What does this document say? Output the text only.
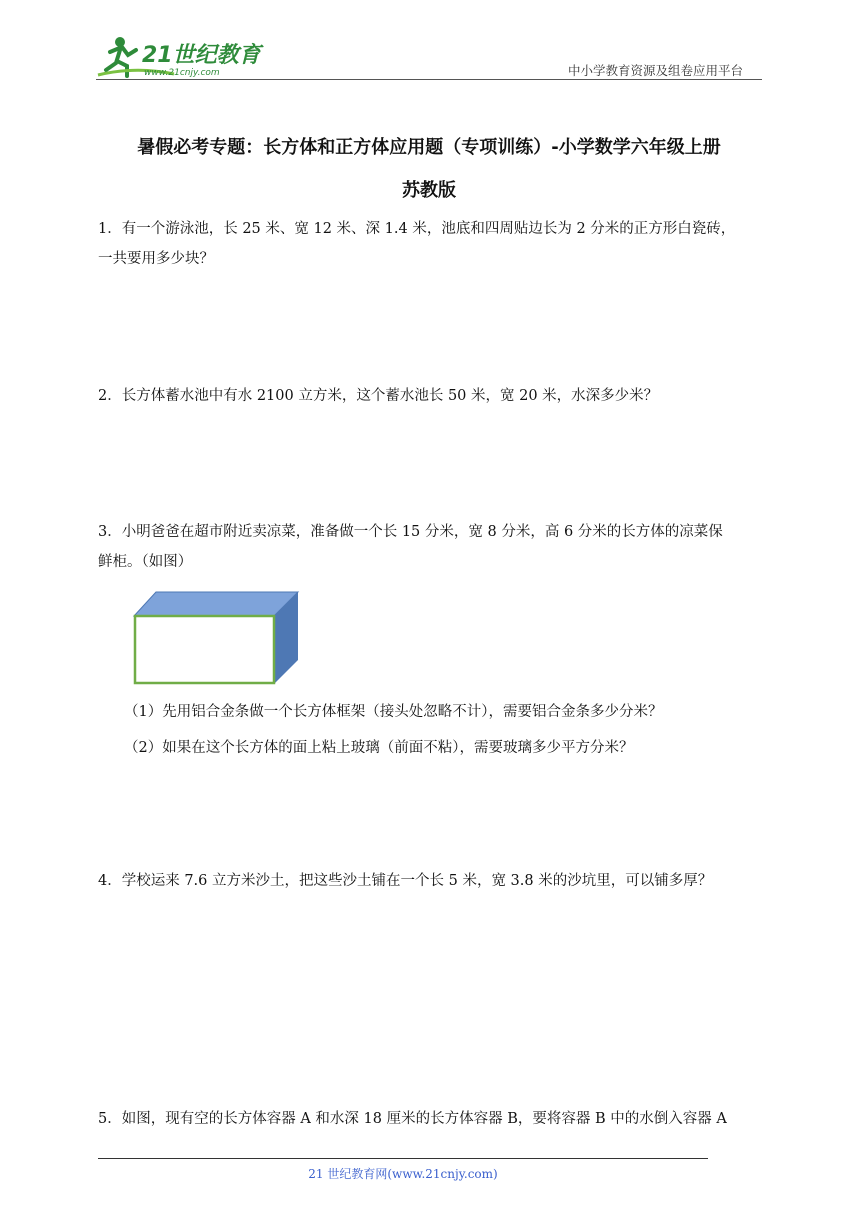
21世纪教育
www.21cnjy.com	中小学教育资源及组卷应用平台
暑假必考专题：长方体和正方体应用题（专项训练）-小学数学六年级上册
苏教版
1．有一个游泳池，长 25 米、宽 12 米、深 1.4 米，池底和四周贴边长为 2 分米的正方形白瓷砖，
一共要用多少块？
2．长方体蓄水池中有水 2100 立方米，这个蓄水池长 50 米，宽 20 米，水深多少米？
3．小明爸爸在超市附近卖凉菜，准备做一个长 15 分米，宽 8 分米，高 6 分米的长方体的凉菜保
鲜柜。（如图）
（1）先用铝合金条做一个长方体框架（接头处忽略不计），需要铝合金条多少分米？
（2）如果在这个长方体的面上粘上玻璃（前面不粘），需要玻璃多少平方分米？
4．学校运来 7.6 立方米沙土，把这些沙土铺在一个长 5 米，宽 3.8 米的沙坑里，可以铺多厚？
5．如图，现有空的长方体容器 A 和水深 18 厘米的长方体容器 B，要将容器 B 中的水倒入容器 A
21 世纪教育网(www.21cnjy.com)
